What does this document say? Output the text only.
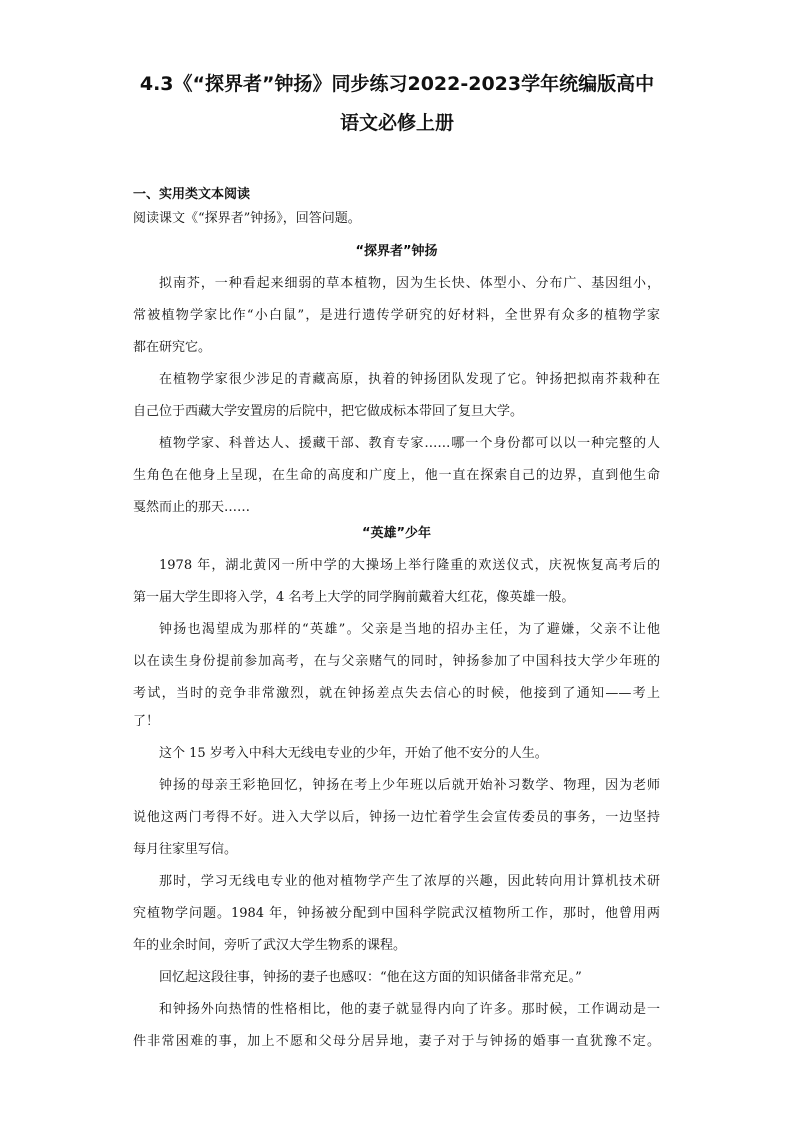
4.3《“探界者”钟扬》同步练习2022-2023学年统编版高中
语文必修上册
一、实用类文本阅读
阅读课文《“探界者”钟扬》，回答问题。
“探界者”钟扬
拟南芥，一种看起来细弱的草本植物，因为生长快、体型小、分布广、基因组小，
常被植物学家比作“小白鼠”，是进行遗传学研究的好材料，全世界有众多的植物学家
都在研究它。
在植物学家很少涉足的青藏高原，执着的钟扬团队发现了它。钟扬把拟南芥栽种在
自己位于西藏大学安置房的后院中，把它做成标本带回了复旦大学。
植物学家、科普达人、援藏干部、教育专家……哪一个身份都可以以一种完整的人
生角色在他身上呈现，在生命的高度和广度上，他一直在探索自己的边界，直到他生命
戛然而止的那天……
“英雄”少年
1978 年，湖北黄冈一所中学的大操场上举行隆重的欢送仪式，庆祝恢复高考后的
第一届大学生即将入学，4 名考上大学的同学胸前戴着大红花，像英雄一般。
钟扬也渴望成为那样的“英雄”。父亲是当地的招办主任，为了避嫌，父亲不让他
以在读生身份提前参加高考，在与父亲赌气的同时，钟扬参加了中国科技大学少年班的
考试，当时的竞争非常激烈，就在钟扬差点失去信心的时候，他接到了通知——考上
了！
这个 15 岁考入中科大无线电专业的少年，开始了他不安分的人生。
钟扬的母亲王彩艳回忆，钟扬在考上少年班以后就开始补习数学、物理，因为老师
说他这两门考得不好。进入大学以后，钟扬一边忙着学生会宣传委员的事务，一边坚持
每月往家里写信。
那时，学习无线电专业的他对植物学产生了浓厚的兴趣，因此转向用计算机技术研
究植物学问题。1984 年，钟扬被分配到中国科学院武汉植物所工作，那时，他曾用两
年的业余时间，旁听了武汉大学生物系的课程。
回忆起这段往事，钟扬的妻子也感叹：“他在这方面的知识储备非常充足。”
和钟扬外向热情的性格相比，他的妻子就显得内向了许多。那时候，工作调动是一
件非常困难的事，加上不愿和父母分居异地，妻子对于与钟扬的婚事一直犹豫不定。
